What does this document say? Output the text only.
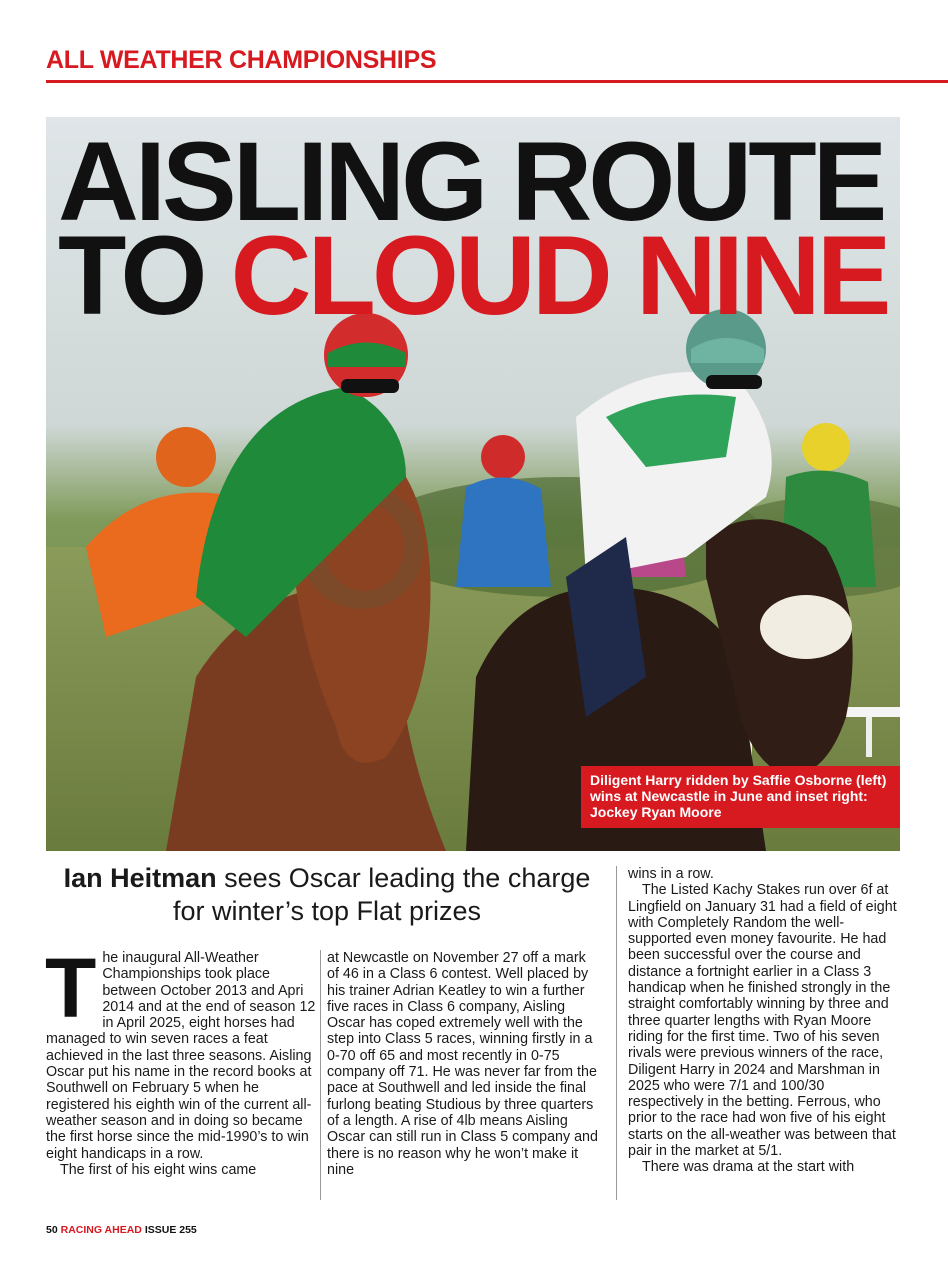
ALL WEATHER CHAMPIONSHIPS
AISLING ROUTE
TO CLOUD NINE
Diligent Harry ridden by Saffie Osborne (left) wins at Newcastle in June and inset right: Jockey Ryan Moore
Ian Heitman sees Oscar leading the charge for winter’s top Flat prizes

The inaugural All-Weather Championships took place between October 2013 and Apri 2014 and at the end of season 12 in April 2025, eight horses had managed to win seven races a feat achieved in the last three seasons. Aisling Oscar put his name in the record books at Southwell on February 5 when he registered his eighth win of the current all-weather season and in doing so became the first horse since the mid-1990’s to win eight handicaps in a row.

The first of his eight wins came

at Newcastle on November 27 off a mark of 46 in a Class 6 contest. Well placed by his trainer Adrian Keatley to win a further five races in Class 6 company, Aisling Oscar has coped extremely well with the step into Class 5 races, winning firstly in a 0-70 off 65 and most recently in 0-75 company off 71. He was never far from the pace at Southwell and led inside the final furlong beating Studious by three quarters of a length. A rise of 4lb means Aisling Oscar can still run in Class 5 company and there is no reason why he won’t make it nine

wins in a row.

The Listed Kachy Stakes run over 6f at Lingfield on January 31 had a field of eight with Completely Random the well-supported even money favourite. He had been successful over the course and distance a fortnight earlier in a Class 3 handicap when he finished strongly in the straight comfortably winning by three and three quarter lengths with Ryan Moore riding for the first time. Two of his seven rivals were previous winners of the race, Diligent Harry in 2024 and Marshman in 2025 who were 7/1 and 100/30 respectively in the betting. Ferrous, who prior to the race had won five of his eight starts on the all-weather was between that pair in the market at 5/1.

There was drama at the start with

50 RACING AHEAD ISSUE 255
